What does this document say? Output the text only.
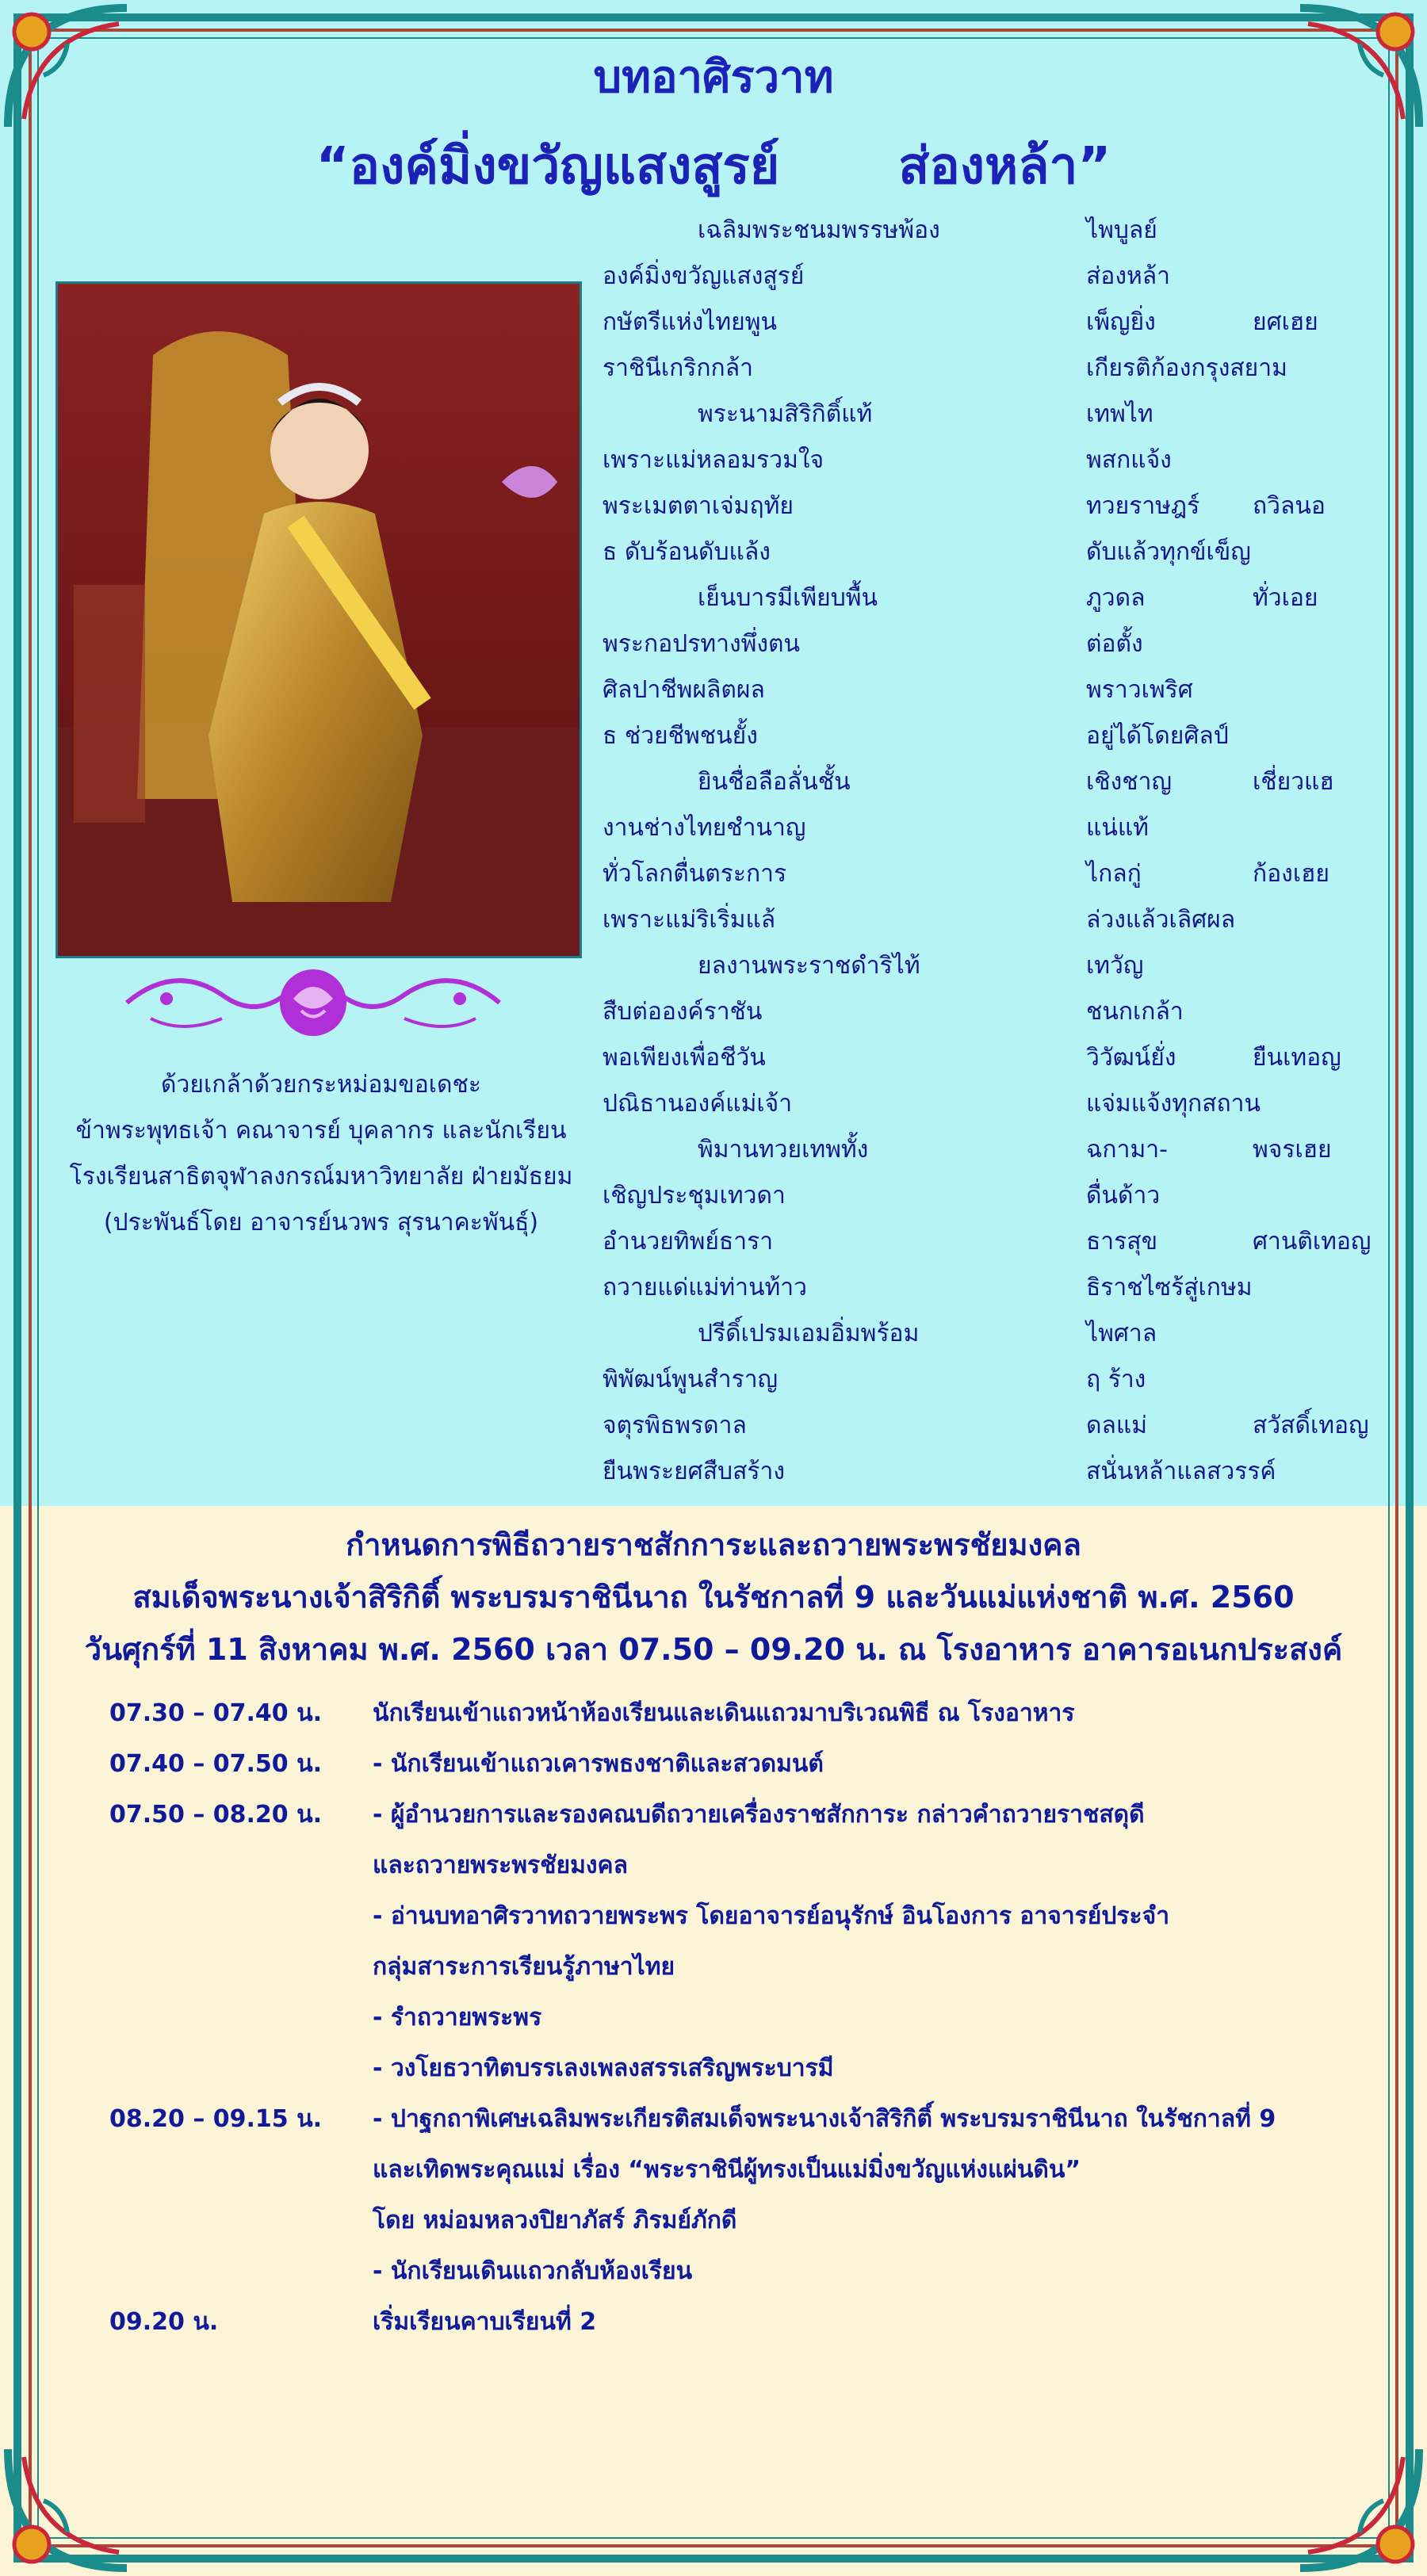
บทอาศิรวาท
“องค์มิ่งขวัญแสงสูรย์ ส่องหล้า”
ด้วยเกล้าด้วยกระหม่อมขอเดชะ
ข้าพระพุทธเจ้า คณาจารย์ บุคลากร และนักเรียน
โรงเรียนสาธิตจุฬาลงกรณ์มหาวิทยาลัย ฝ่ายมัธยม
(ประพันธ์โดย อาจารย์นวพร สุรนาคะพันธุ์)
เฉลิมพระชนมพรรษพ้อง	ไพบูลย์
องค์มิ่งขวัญแสงสูรย์	ส่องหล้า
กษัตรีแห่งไทยพูน	เพ็ญยิ่ง	ยศเฮย
ราชินีเกริกกล้า	เกียรติก้องกรุงสยาม
พระนามสิริกิติ์แท้	เทพไท
เพราะแม่หลอมรวมใจ	พสกแจ้ง
พระเมตตาเจ่มฤทัย	ทวยราษฎร์ ถวิลนอ
ธ ดับร้อนดับแล้ง	ดับแล้วทุกข์เข็ญ
เย็นบารมีเพียบพื้น	ภูวดล	ทั่วเอย
พระกอปรทางพึ่งตน	ต่อตั้ง
ศิลปาชีพผลิตผล	พราวเพริศ
ธ ช่วยชีพชนยั้ง	อยู่ได้โดยศิลป์
ยินชื่อลือลั่นชั้น	เชิงชาญ	เชี่ยวแฮ
งานช่างไทยชำนาญ	แน่แท้
ทั่วโลกตื่นตระการ	ไกลกู่	ก้องเฮย
เพราะแม่ริเริ่มแล้	ล่วงแล้วเลิศผล
ยลงานพระราชดำริไท้	เทวัญ
สืบต่อองค์ราชัน	ชนกเกล้า
พอเพียงเพื่อชีวัน	วิวัฒน์ยั่ง	ยืนเทอญ
ปณิธานองค์แม่เจ้า	แจ่มแจ้งทุกสถาน
พิมานทวยเทพทั้ง	ฉกามา-	พจรเฮย
เชิญประชุมเทวดา	ดื่นด้าว
อำนวยทิพย์ธารา	ธารสุข	ศานติเทอญ
ถวายแด่แม่ท่านท้าว	ธิราชไซร้สู่เกษม
ปรีดิ์เปรมเอมอิ่มพร้อม	ไพศาล
พิพัฒน์พูนสำราญ	ฤ ร้าง
จตุรพิธพรดาล	ดลแม่	สวัสดิ์เทอญ
ยืนพระยศสืบสร้าง	สนั่นหล้าแลสวรรค์
กำหนดการพิธีถวายราชสักการะและถวายพระพรชัยมงคล
สมเด็จพระนางเจ้าสิริกิติ์ พระบรมราชินีนาถ ในรัชกาลที่ 9 และวันแม่แห่งชาติ พ.ศ. 2560
วันศุกร์ที่ 11 สิงหาคม พ.ศ. 2560 เวลา 07.50 – 09.20 น. ณ โรงอาหาร อาคารอเนกประสงค์
07.30 – 07.40 น. นักเรียนเข้าแถวหน้าห้องเรียนและเดินแถวมาบริเวณพิธี ณ โรงอาหาร
07.40 – 07.50 น. - นักเรียนเข้าแถวเคารพธงชาติและสวดมนต์
07.50 – 08.20 น. - ผู้อำนวยการและรองคณบดีถวายเครื่องราชสักการะ กล่าวคำถวายราชสดุดี
และถวายพระพรชัยมงคล
- อ่านบทอาศิรวาทถวายพระพร โดยอาจารย์อนุรักษ์ อินโองการ อาจารย์ประจำ
กลุ่มสาระการเรียนรู้ภาษาไทย
- รำถวายพระพร
- วงโยธวาทิตบรรเลงเพลงสรรเสริญพระบารมี
08.20 – 09.15 น. - ปาฐกถาพิเศษเฉลิมพระเกียรติสมเด็จพระนางเจ้าสิริกิติ์ พระบรมราชินีนาถ ในรัชกาลที่ 9
และเทิดพระคุณแม่ เรื่อง “พระราชินีผู้ทรงเป็นแม่มิ่งขวัญแห่งแผ่นดิน”
โดย หม่อมหลวงปิยาภัสร์ ภิรมย์ภักดี
- นักเรียนเดินแถวกลับห้องเรียน
09.20 น.	เริ่มเรียนคาบเรียนที่ 2
